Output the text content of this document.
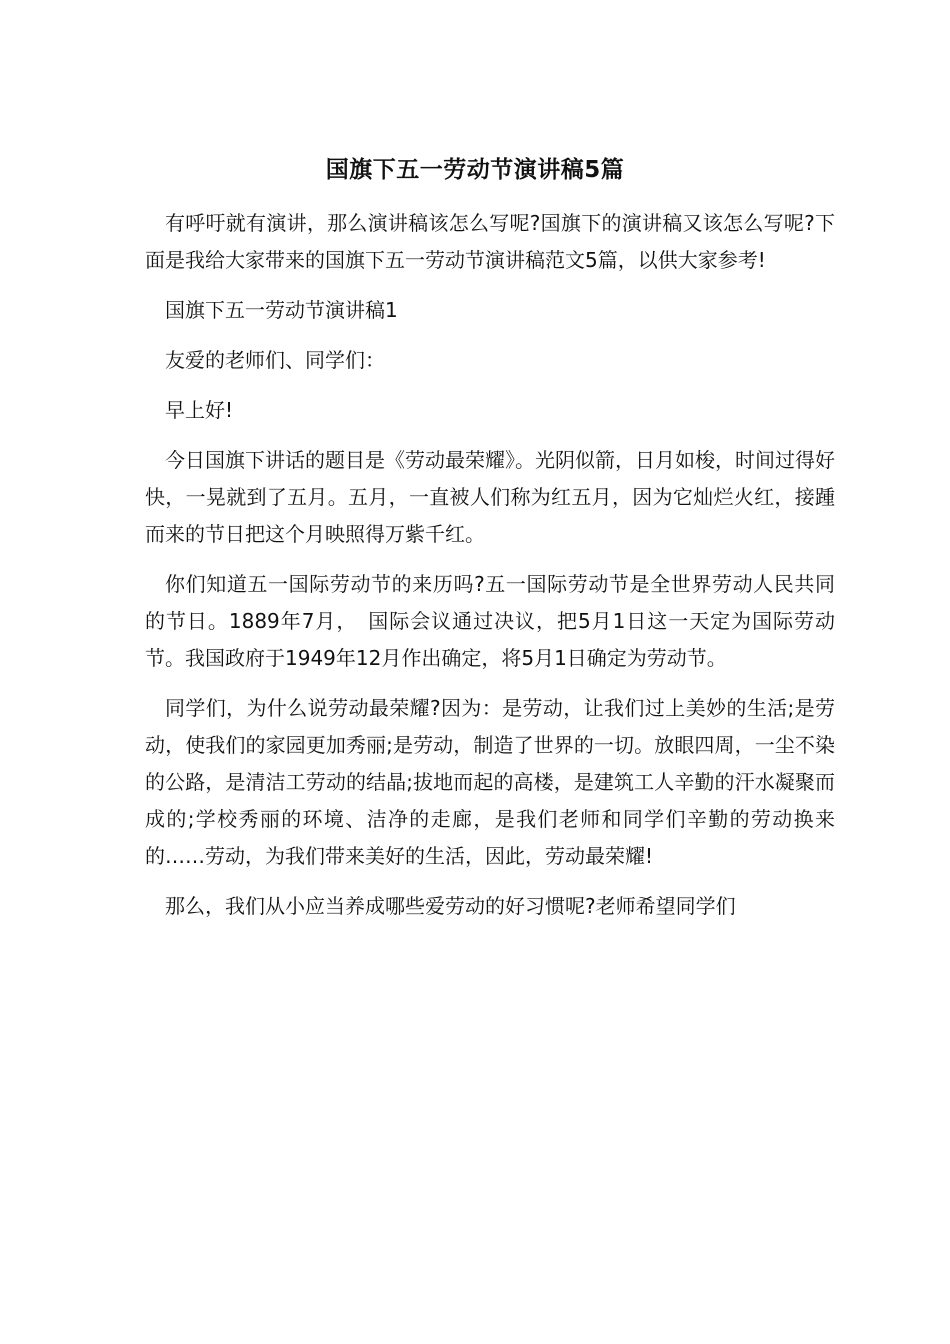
国旗下五一劳动节演讲稿5篇

有呼吁就有演讲，那么演讲稿该怎么写呢?国旗下的演讲稿又该怎么写呢?下面是我给大家带来的国旗下五一劳动节演讲稿范文5篇，以供大家参考!

国旗下五一劳动节演讲稿1

友爱的老师们、同学们：

早上好!

今日国旗下讲话的题目是《劳动最荣耀》。光阴似箭，日月如梭，时间过得好快，一晃就到了五月。五月，一直被人们称为红五月，因为它灿烂火红，接踵而来的节日把这个月映照得万紫千红。

你们知道五一国际劳动节的来历吗?五一国际劳动节是全世界劳动人民共同的节日。1889年7月，　国际会议通过决议，把5月1日这一天定为国际劳动节。我国政府于1949年12月作出确定，将5月1日确定为劳动节。

同学们，为什么说劳动最荣耀?因为：是劳动，让我们过上美妙的生活;是劳动，使我们的家园更加秀丽;是劳动，制造了世界的一切。放眼四周，一尘不染的公路，是清洁工劳动的结晶;拔地而起的高楼，是建筑工人辛勤的汗水凝聚而成的;学校秀丽的环境、洁净的走廊，是我们老师和同学们辛勤的劳动换来的……劳动，为我们带来美好的生活，因此，劳动最荣耀!

那么，我们从小应当养成哪些爱劳动的好习惯呢?老师希望同学们
